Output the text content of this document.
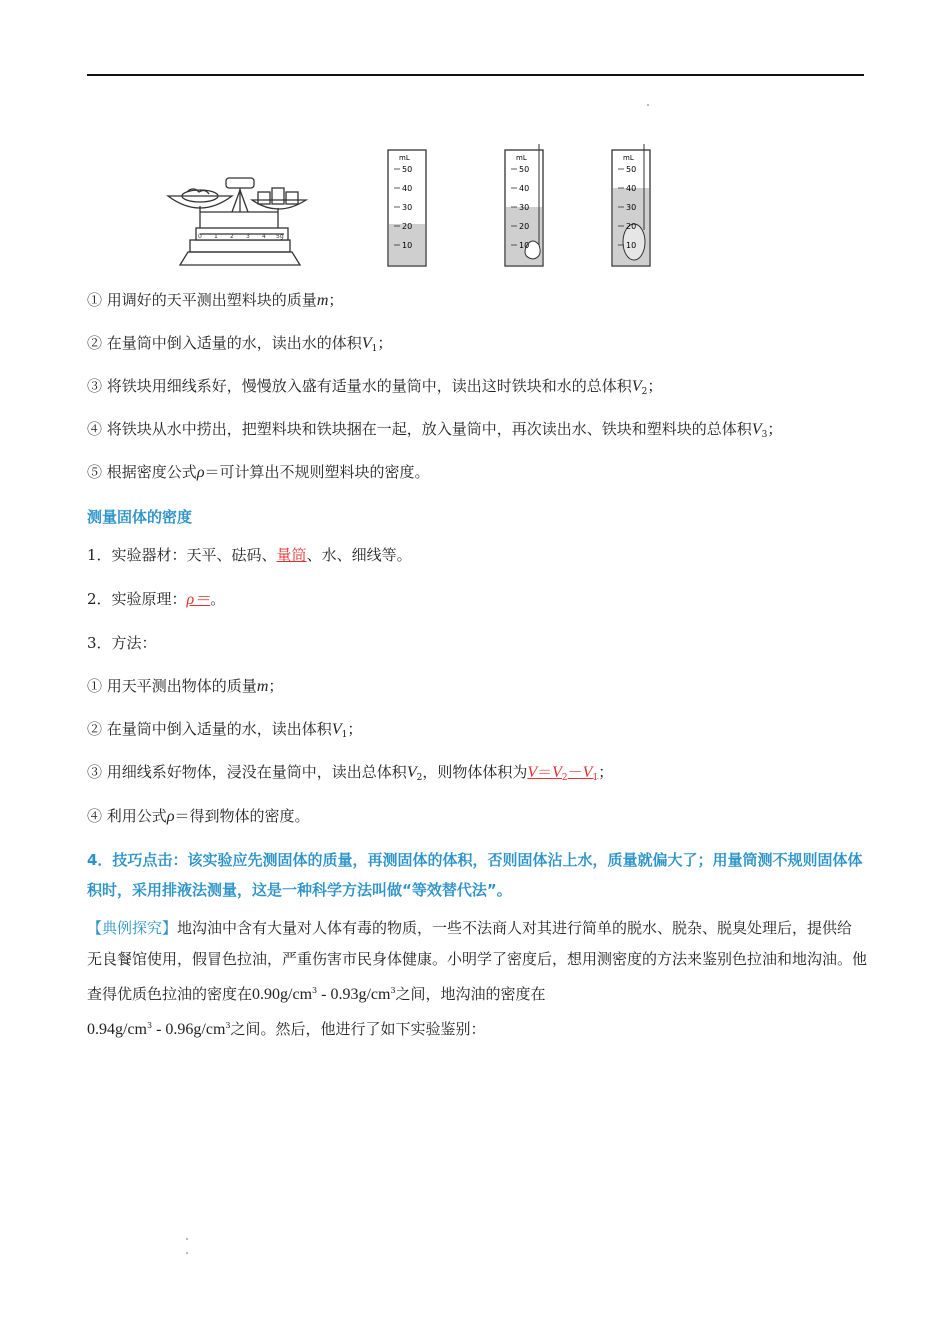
0 1 2 3 4 5g
mL
50
40
30
20
10
mL
50
40
30
20
10
mL
50
40
30
20
10
① 用调好的天平测出塑料块的质量m；
② 在量筒中倒入适量的水，读出水的体积$V_1$；
③ 将铁块用细线系好，慢慢放入盛有适量水的量筒中，读出这时铁块和水的总体积$V_2$；
④ 将铁块从水中捞出，把塑料块和铁块捆在一起，放入量筒中，再次读出水、铁块和塑料块的总体积$V_3$；
⑤ 根据密度公式ρ＝可计算出不规则塑料块的密度。
测量固体的密度
1．实验器材：天平、砝码、量筒、水、细线等。
2．实验原理：ρ＝。
3．方法：
① 用天平测出物体的质量m；
② 在量筒中倒入适量的水，读出体积$V_1$；
③ 用细线系好物体，浸没在量筒中，读出总体积$V_2$，则物体体积为$V=V_2-V_1$；
④ 利用公式ρ＝得到物体的密度。
4．技巧点击：该实验应先测固体的质量，再测固体的体积，否则固体沾上水，质量就偏大了；用量筒测不规则固体体积时，采用排液法测量，这是一种科学方法叫做“等效替代法”。
【典例探究】地沟油中含有大量对人体有毒的物质，一些不法商人对其进行简单的脱水、脱杂、脱臭处理后，提供给无良餐馆使用，假冒色拉油，严重伤害市民身体健康。小明学了密度后，想用测密度的方法来鉴别色拉油和地沟油。他查得优质色拉油的密度在$0.90g/cm^3 - 0.93g/cm^3$之间，地沟油的密度在
$0.94g/cm^3 - 0.96g/cm^3$之间。然后，他进行了如下实验鉴别：
